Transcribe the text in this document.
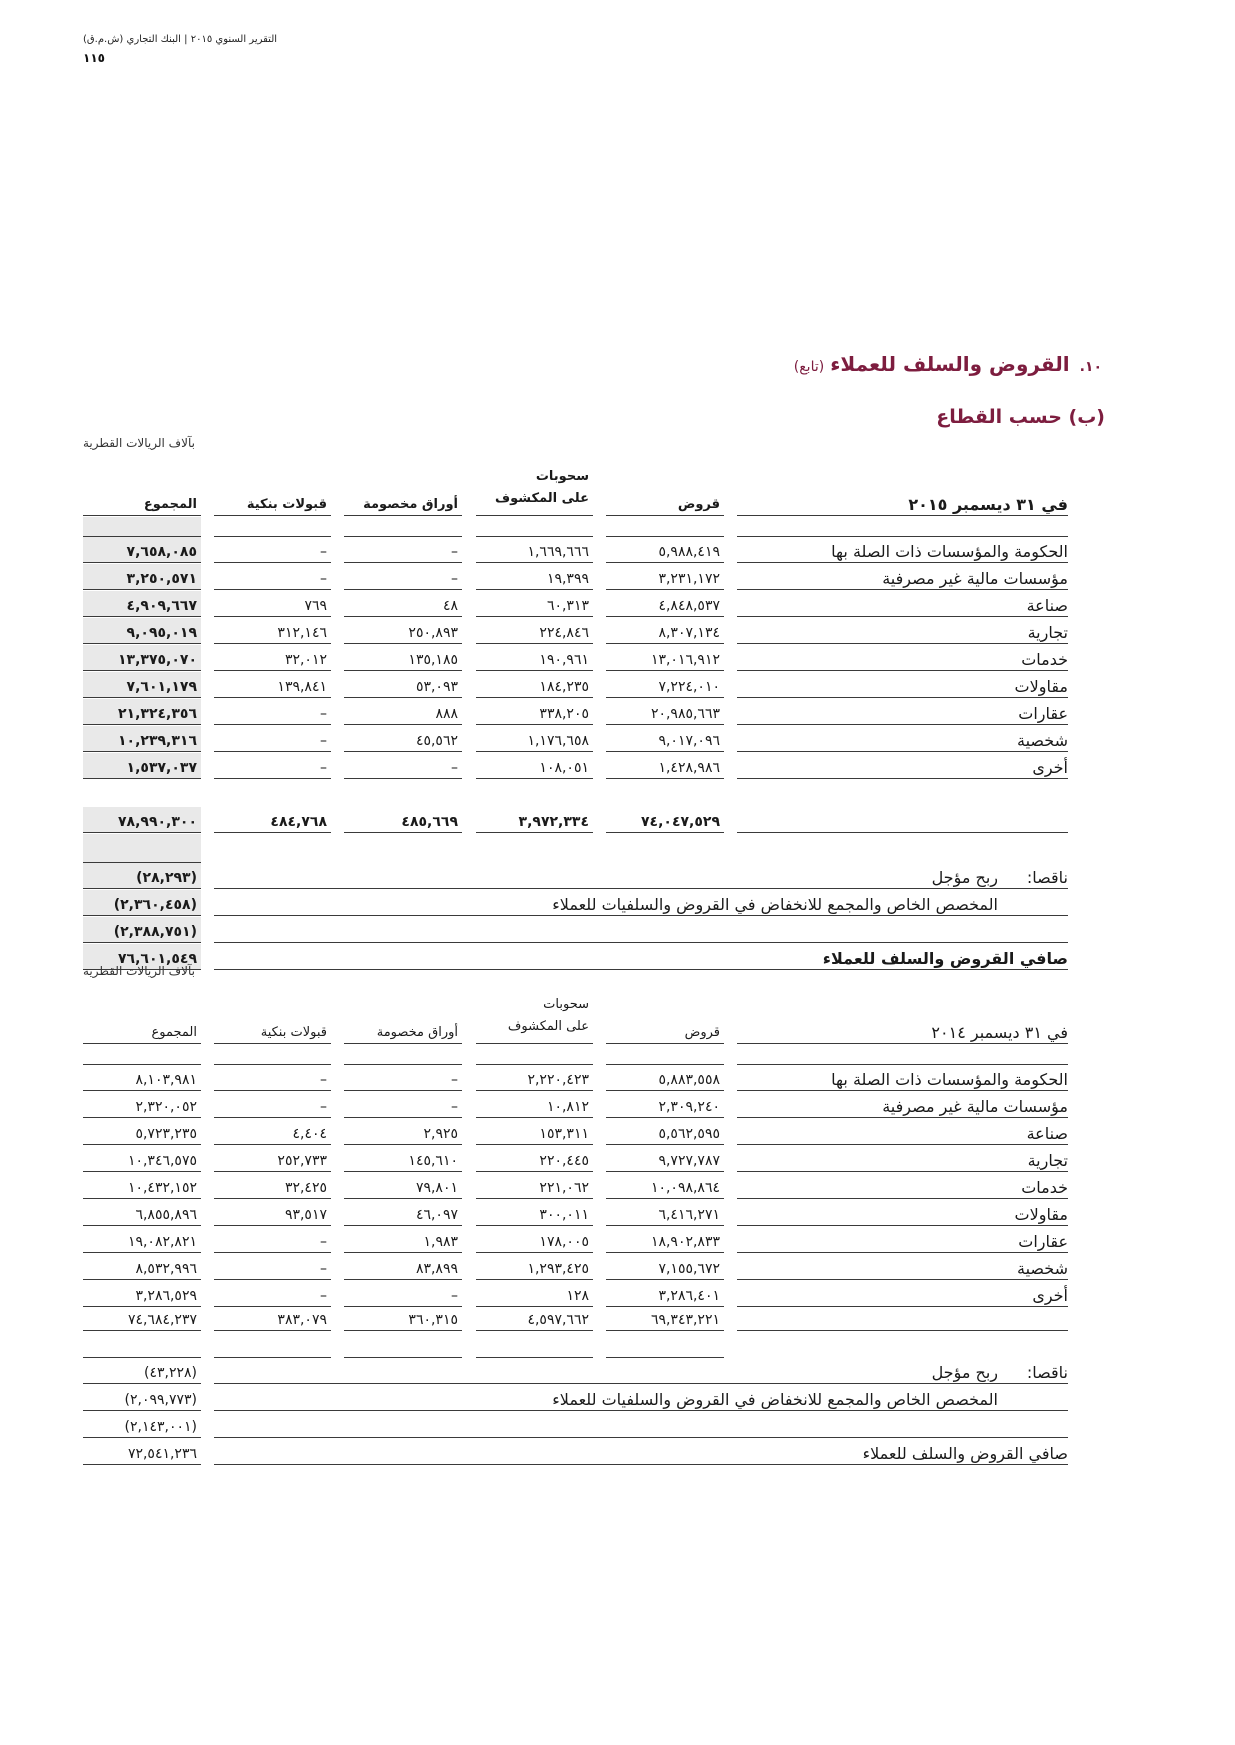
التقرير السنوي ٢٠١٥ | البنك التجاري (ش.م.ق)
١١٥
١٠.القروض والسلف للعملاء(تابع)
(ب) حسب القطاع
بآلاف الريالات القطرية
في ٣١ ديسمبر ٢٠١٥
قروض
سحوبات
على المكشوف
أوراق مخصومة
قبولات بنكية
المجموع
الحكومة والمؤسسات ذات الصلة بها
٥,٩٨٨,٤١٩
١,٦٦٩,٦٦٦
–
–
٧,٦٥٨,٠٨٥
مؤسسات مالية غير مصرفية
٣,٢٣١,١٧٢
١٩,٣٩٩
–
–
٣,٢٥٠,٥٧١
صناعة
٤,٨٤٨,٥٣٧
٦٠,٣١٣
٤٨
٧٦٩
٤,٩٠٩,٦٦٧
تجارية
٨,٣٠٧,١٣٤
٢٢٤,٨٤٦
٢٥٠,٨٩٣
٣١٢,١٤٦
٩,٠٩٥,٠١٩
خدمات
١٣,٠١٦,٩١٢
١٩٠,٩٦١
١٣٥,١٨٥
٣٢,٠١٢
١٣,٣٧٥,٠٧٠
مقاولات
٧,٢٢٤,٠١٠
١٨٤,٢٣٥
٥٣,٠٩٣
١٣٩,٨٤١
٧,٦٠١,١٧٩
عقارات
٢٠,٩٨٥,٦٦٣
٣٣٨,٢٠٥
٨٨٨
–
٢١,٣٢٤,٣٥٦
شخصية
٩,٠١٧,٠٩٦
١,١٧٦,٦٥٨
٤٥,٥٦٢
–
١٠,٢٣٩,٣١٦
أخرى
١,٤٢٨,٩٨٦
١٠٨,٠٥١
–
–
١,٥٣٧,٠٣٧
٧٤,٠٤٧,٥٢٩
٣,٩٧٢,٣٣٤
٤٨٥,٦٦٩
٤٨٤,٧٦٨
٧٨,٩٩٠,٣٠٠
ناقصا:
ربح مؤجل
(٢٨,٢٩٣)
المخصص الخاص والمجمع للانخفاض في القروض والسلفيات للعملاء
(٢,٣٦٠,٤٥٨)
(٢,٣٨٨,٧٥١)
صافي القروض والسلف للعملاء
٧٦,٦٠١,٥٤٩
بآلاف الريالات القطرية
في ٣١ ديسمبر ٢٠١٤
قروض
سحوبات
على المكشوف
أوراق مخصومة
قبولات بنكية
المجموع
الحكومة والمؤسسات ذات الصلة بها
٥,٨٨٣,٥٥٨
٢,٢٢٠,٤٢٣
–
–
٨,١٠٣,٩٨١
مؤسسات مالية غير مصرفية
٢,٣٠٩,٢٤٠
١٠,٨١٢
–
–
٢,٣٢٠,٠٥٢
صناعة
٥,٥٦٢,٥٩٥
١٥٣,٣١١
٢,٩٢٥
٤,٤٠٤
٥,٧٢٣,٢٣٥
تجارية
٩,٧٢٧,٧٨٧
٢٢٠,٤٤٥
١٤٥,٦١٠
٢٥٢,٧٣٣
١٠,٣٤٦,٥٧٥
خدمات
١٠,٠٩٨,٨٦٤
٢٢١,٠٦٢
٧٩,٨٠١
٣٢,٤٢٥
١٠,٤٣٢,١٥٢
مقاولات
٦,٤١٦,٢٧١
٣٠٠,٠١١
٤٦,٠٩٧
٩٣,٥١٧
٦,٨٥٥,٨٩٦
عقارات
١٨,٩٠٢,٨٣٣
١٧٨,٠٠٥
١,٩٨٣
–
١٩,٠٨٢,٨٢١
شخصية
٧,١٥٥,٦٧٢
١,٢٩٣,٤٢٥
٨٣,٨٩٩
–
٨,٥٣٢,٩٩٦
أخرى
٣,٢٨٦,٤٠١
١٢٨
–
–
٣,٢٨٦,٥٢٩
٦٩,٣٤٣,٢٢١
٤,٥٩٧,٦٦٢
٣٦٠,٣١٥
٣٨٣,٠٧٩
٧٤,٦٨٤,٢٣٧
ناقصا:
ربح مؤجل
(٤٣,٢٢٨)
المخصص الخاص والمجمع للانخفاض في القروض والسلفيات للعملاء
(٢,٠٩٩,٧٧٣)
(٢,١٤٣,٠٠١)
صافي القروض والسلف للعملاء
٧٢,٥٤١,٢٣٦
